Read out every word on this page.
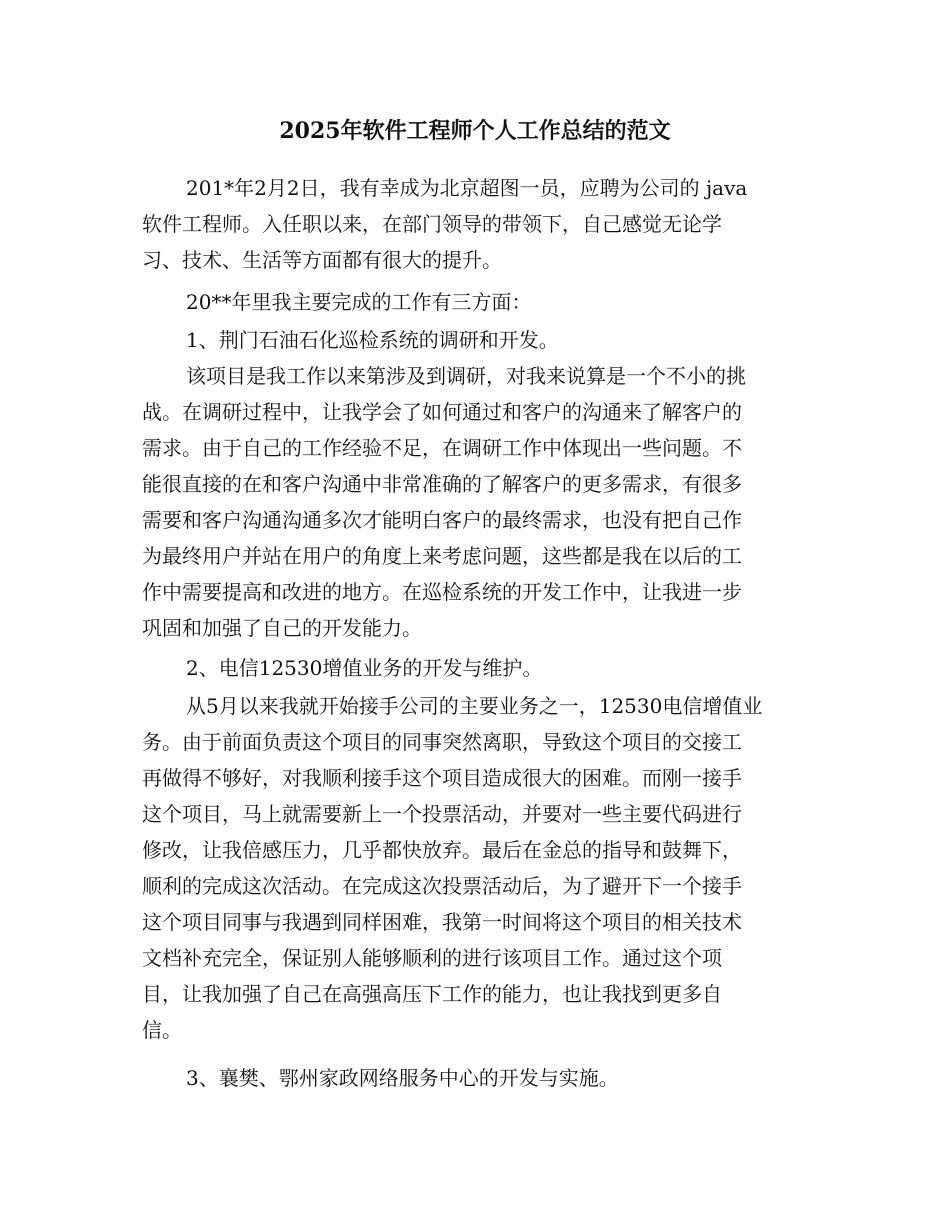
2025年软件工程师个人工作总结的范文

201*年2月2日，我有幸成为北京超图一员，应聘为公司的 java

软件工程师。入任职以来，在部门领导的带领下，自己感觉无论学

习、技术、生活等方面都有很大的提升。

20**年里我主要完成的工作有三方面：

1、荆门石油石化巡检系统的调研和开发。

该项目是我工作以来第涉及到调研，对我来说算是一个不小的挑

战。在调研过程中，让我学会了如何通过和客户的沟通来了解客户的

需求。由于自己的工作经验不足，在调研工作中体现出一些问题。不

能很直接的在和客户沟通中非常准确的了解客户的更多需求，有很多

需要和客户沟通沟通多次才能明白客户的最终需求，也没有把自己作

为最终用户并站在用户的角度上来考虑问题，这些都是我在以后的工

作中需要提高和改进的地方。在巡检系统的开发工作中，让我进一步

巩固和加强了自己的开发能力。

2、电信12530增值业务的开发与维护。

从5月以来我就开始接手公司的主要业务之一，12530电信增值业

务。由于前面负责这个项目的同事突然离职，导致这个项目的交接工

再做得不够好，对我顺利接手这个项目造成很大的困难。而刚一接手

这个项目，马上就需要新上一个投票活动，并要对一些主要代码进行

修改，让我倍感压力，几乎都快放弃。最后在金总的指导和鼓舞下，

顺利的完成这次活动。在完成这次投票活动后，为了避开下一个接手

这个项目同事与我遇到同样困难，我第一时间将这个项目的相关技术

文档补充完全，保证别人能够顺利的进行该项目工作。通过这个项

目，让我加强了自己在高强高压下工作的能力，也让我找到更多自

信。

3、襄樊、鄂州家政网络服务中心的开发与实施。
